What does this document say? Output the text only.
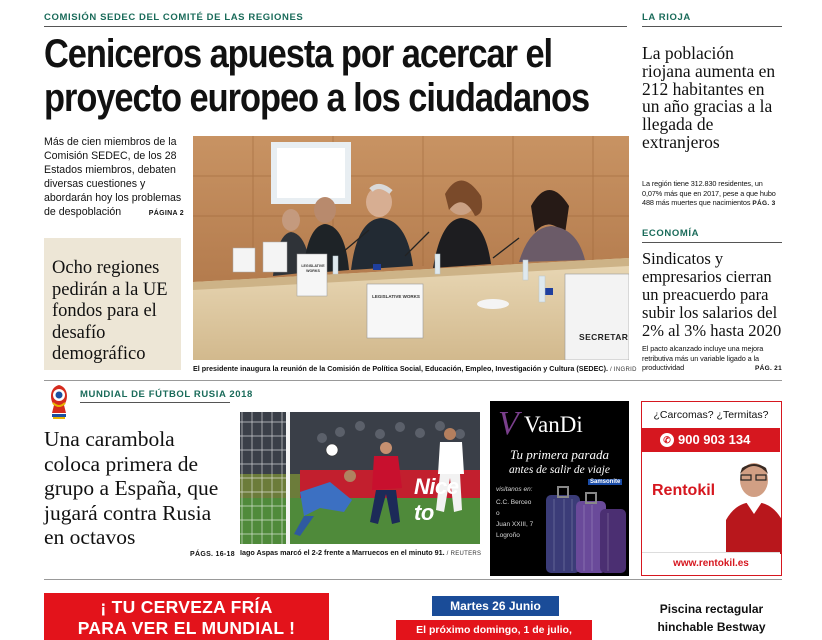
COMISIÓN SEDEC DEL COMITÉ DE LAS REGIONES
Ceniceros apuesta por acercar el
proyecto europeo a los ciudadanos
Más de cien miembros de la Comisión SEDEC, de los 28 Estados miembros, debaten diversas cuestiones y abordarán hoy los problemas de despoblación	PÁGINA 2
Ocho regiones pedirán a la UE fondos para el desafío demográfico
LEGISLATIVE WORKS
LEGISLATIVE WORKS
SECRETAR
El presidente inaugura la reunión de la Comisión de Política Social, Educación, Empleo, Investigación y Cultura (SEDEC). / INGRID
LA RIOJA
La población riojana aumenta en 212 habitantes en un año gracias a la llegada de extranjeros
La región tiene 312.830 residentes, un 0,07% más que en 2017, pese a que hubo 488 más muertes que nacimientos PÁG. 3
ECONOMÍA
Sindicatos y empresarios cierran un preacuerdo para subir los salarios del 2% al 3% hasta 2020
El pacto alcanzado incluye una mejora retributiva más un variable ligado a la productividad	PÁG. 21
MUNDIAL DE FÚTBOL RUSIA 2018
Una carambola coloca primera de grupo a España, que jugará contra Rusia en octavos
PÁGS. 16-18
Nice to
Iago Aspas marcó el 2-2 frente a Marruecos en el minuto 91. / REUTERS
V VanDi
Tu primera parada
antes de salir de viaje
visítanos en:
C.C. Berceo
o
Juan XXIII, 7
Logroño
Samsonite
¿Carcomas? ¿Termitas?
✆ 900 903 134
Rentokil
www.rentokil.es
¡ TU CERVEZA FRÍA
PARA VER EL MUNDIAL !
Martes 26 Junio
El próximo domingo, 1 de julio,
Piscina rectagular
hinchable Bestway
